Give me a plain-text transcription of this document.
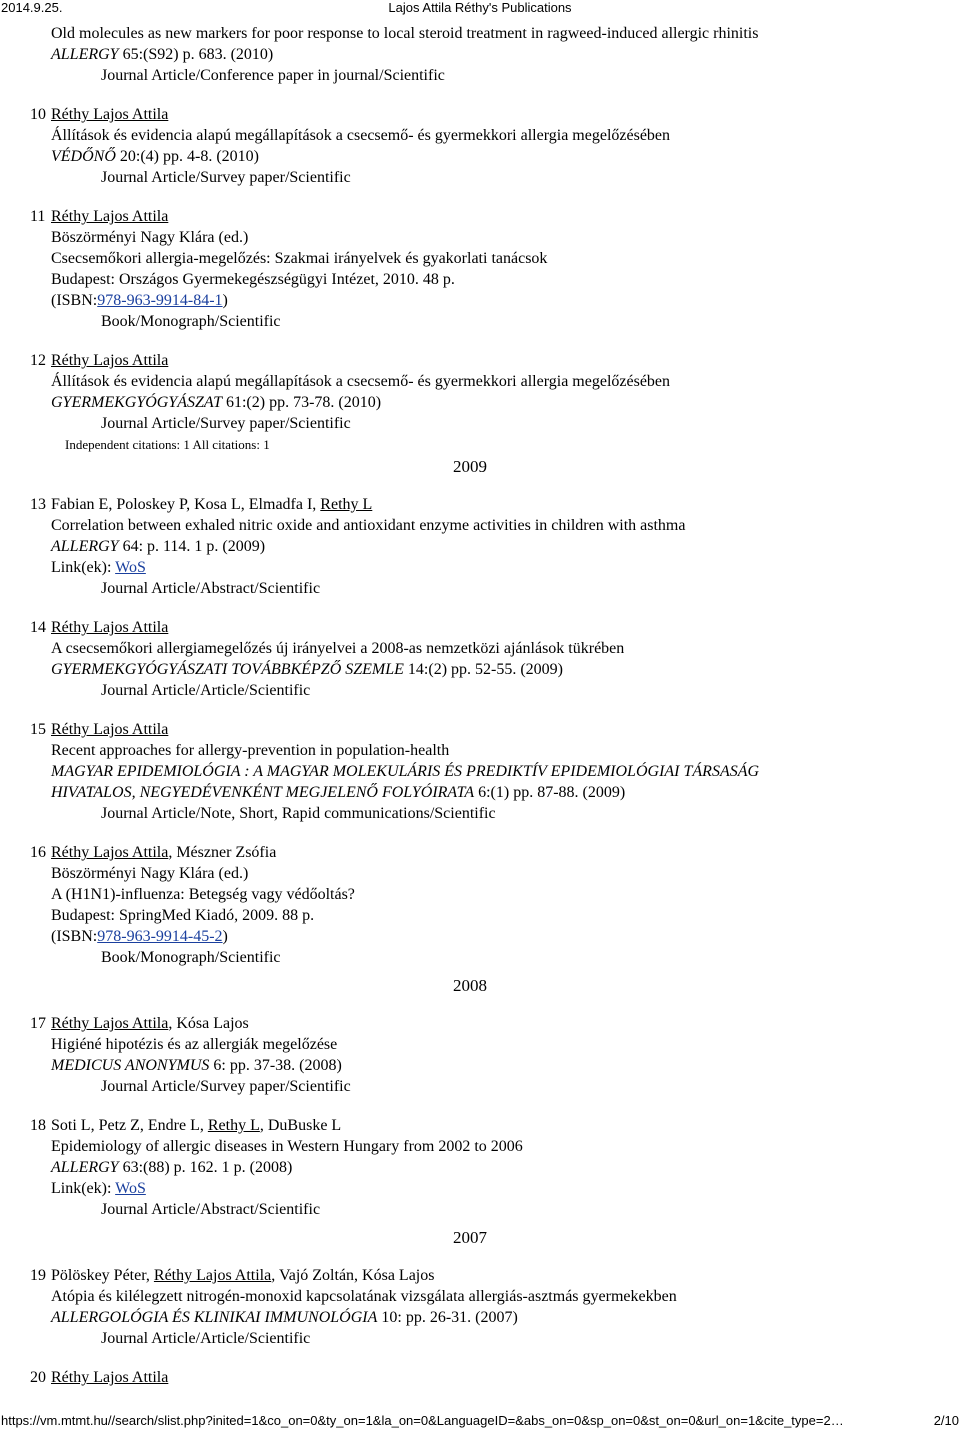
2014.9.25.	Lajos Attila Réthy's Publications
Old molecules as new markers for poor response to local steroid treatment in ragweed-induced allergic rhinitis
ALLERGY 65:(S92) p. 683. (2010)
Journal Article/Conference paper in journal/Scientific
10 Réthy Lajos Attila
Állítások és evidencia alapú megállapítások a csecsemő- és gyermekkori allergia megelőzésében
VÉDŐNŐ 20:(4) pp. 4-8. (2010)
Journal Article/Survey paper/Scientific
11 Réthy Lajos Attila
Böszörményi Nagy Klára (ed.)
Csecsemőkori allergia-megelőzés: Szakmai irányelvek és gyakorlati tanácsok
Budapest: Országos Gyermekegészségügyi Intézet, 2010. 48 p.
(ISBN:978-963-9914-84-1)
Book/Monograph/Scientific
12 Réthy Lajos Attila
Állítások és evidencia alapú megállapítások a csecsemő- és gyermekkori allergia megelőzésében
GYERMEKGYÓGYÁSZAT 61:(2) pp. 73-78. (2010)
Journal Article/Survey paper/Scientific
Independent citations: 1 All citations: 1
2009
13 Fabian E, Poloskey P, Kosa L, Elmadfa I, Rethy L
Correlation between exhaled nitric oxide and antioxidant enzyme activities in children with asthma
ALLERGY 64: p. 114. 1 p. (2009)
Link(ek): WoS
Journal Article/Abstract/Scientific
14 Réthy Lajos Attila
A csecsemőkori allergiamegelőzés új irányelvei a 2008-as nemzetközi ajánlások tükrében
GYERMEKGYÓGYÁSZATI TOVÁBBKÉPZŐ SZEMLE 14:(2) pp. 52-55. (2009)
Journal Article/Article/Scientific
15 Réthy Lajos Attila
Recent approaches for allergy-prevention in population-health
MAGYAR EPIDEMIOLÓGIA : A MAGYAR MOLEKULÁRIS ÉS PREDIKTÍV EPIDEMIOLÓGIAI TÁRSASÁG
HIVATALOS, NEGYEDÉVENKÉNT MEGJELENŐ FOLYÓIRATA 6:(1) pp. 87-88. (2009)
Journal Article/Note, Short, Rapid communications/Scientific
16 Réthy Lajos Attila, Mészner Zsófia
Böszörményi Nagy Klára (ed.)
A (H1N1)-influenza: Betegség vagy védőoltás?
Budapest: SpringMed Kiadó, 2009. 88 p.
(ISBN:978-963-9914-45-2)
Book/Monograph/Scientific
2008
17 Réthy Lajos Attila, Kósa Lajos
Higiéné hipotézis és az allergiák megelőzése
MEDICUS ANONYMUS 6: pp. 37-38. (2008)
Journal Article/Survey paper/Scientific
18 Soti L, Petz Z, Endre L, Rethy L, DuBuske L
Epidemiology of allergic diseases in Western Hungary from 2002 to 2006
ALLERGY 63:(88) p. 162. 1 p. (2008)
Link(ek): WoS
Journal Article/Abstract/Scientific
2007
19 Pölöskey Péter, Réthy Lajos Attila, Vajó Zoltán, Kósa Lajos
Atópia és kilélegzett nitrogén-monoxid kapcsolatának vizsgálata allergiás-asztmás gyermekekben
ALLERGOLÓGIA ÉS KLINIKAI IMMUNOLÓGIA 10: pp. 26-31. (2007)
Journal Article/Article/Scientific
20 Réthy Lajos Attila
https://vm.mtmt.hu//search/slist.php?inited=1&co_on=0&ty_on=1&la_on=0&LanguageID=&abs_on=0&sp_on=0&st_on=0&url_on=1&cite_type=2…	2/10
